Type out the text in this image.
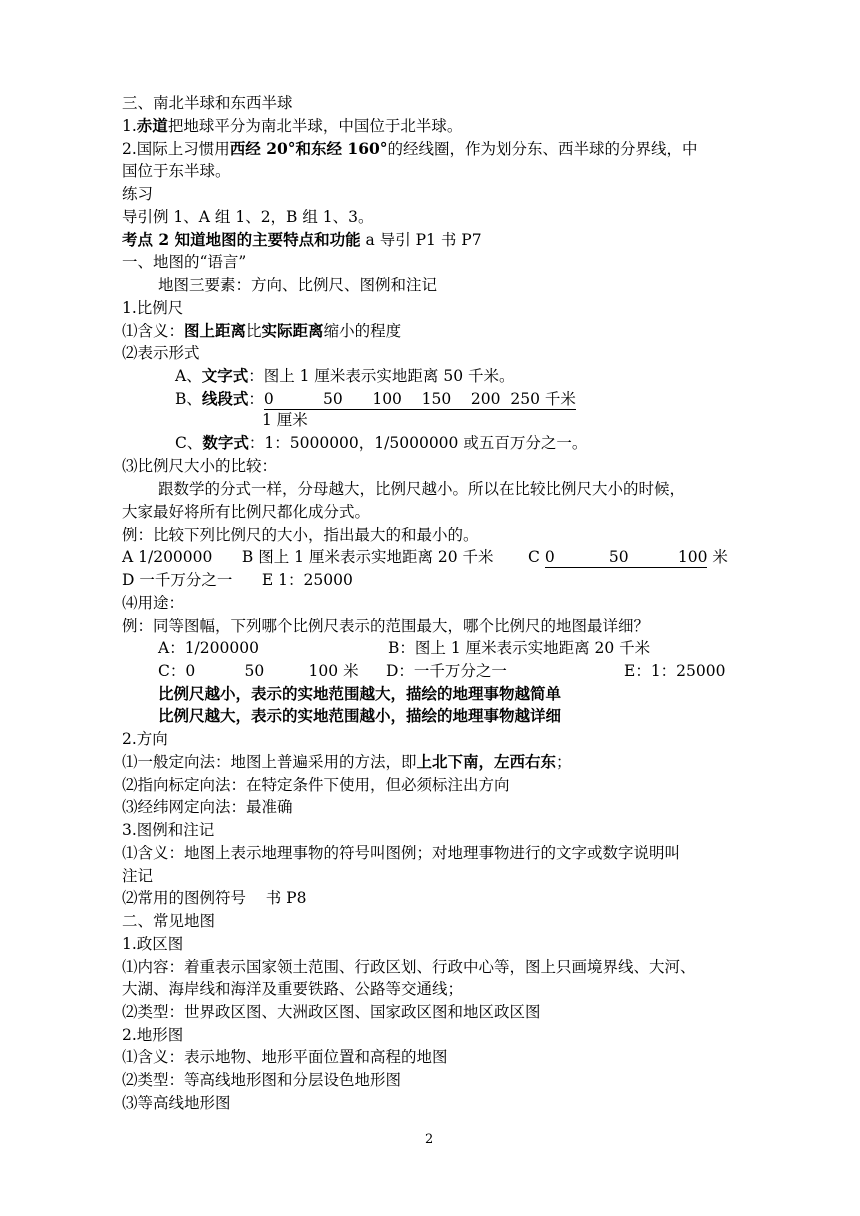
三、南北半球和东西半球
1.赤道把地球平分为南北半球，中国位于北半球。
2.国际上习惯用西经 20°和东经 160°的经线圈，作为划分东、西半球的分界线，中
国位于东半球。
练习
导引例 1、A 组 1、2，B 组 1、3。
考点 2 知道地图的主要特点和功能 a 导引 P1 书 P7
一、地图的“语言”
地图三要素：方向、比例尺、图例和注记
1.比例尺
⑴含义：图上距离比实际距离缩小的程度
⑵表示形式
A、文字式：图上 1 厘米表示实地距离 50 千米。
B、线段式：0          50      100    150    200  250 千米
1 厘米
C、数字式：1：5000000，1/5000000 或五百万分之一。
⑶比例尺大小的比较：
跟数学的分式一样，分母越大，比例尺越小。所以在比较比例尺大小的时候，
大家最好将所有比例尺都化成分式。
例：比较下列比例尺的大小，指出最大的和最小的。
A 1/200000      B 图上 1 厘米表示实地距离 20 千米       C 0           50          100 米
D 一千万分之一      E 1：25000
⑷用途：
例：同等图幅，下列哪个比例尺表示的范围最大，哪个比例尺的地图最详细？
A：1/200000	B：图上 1 厘米表示实地距离 20 千米
C：0          50         100 米 D：一千万分之一	E：1：25000
比例尺越小，表示的实地范围越大，描绘的地理事物越简单
比例尺越大，表示的实地范围越小，描绘的地理事物越详细
2.方向
⑴一般定向法：地图上普遍采用的方法，即上北下南，左西右东；
⑵指向标定向法：在特定条件下使用，但必须标注出方向
⑶经纬网定向法：最准确
3.图例和注记
⑴含义：地图上表示地理事物的符号叫图例；对地理事物进行的文字或数字说明叫
注记
⑵常用的图例符号    书 P8
二、常见地图
1.政区图
⑴内容：着重表示国家领土范围、行政区划、行政中心等，图上只画境界线、大河、
大湖、海岸线和海洋及重要铁路、公路等交通线；
⑵类型：世界政区图、大洲政区图、国家政区图和地区政区图
2.地形图
⑴含义：表示地物、地形平面位置和高程的地图
⑵类型：等高线地形图和分层设色地形图
⑶等高线地形图
2
